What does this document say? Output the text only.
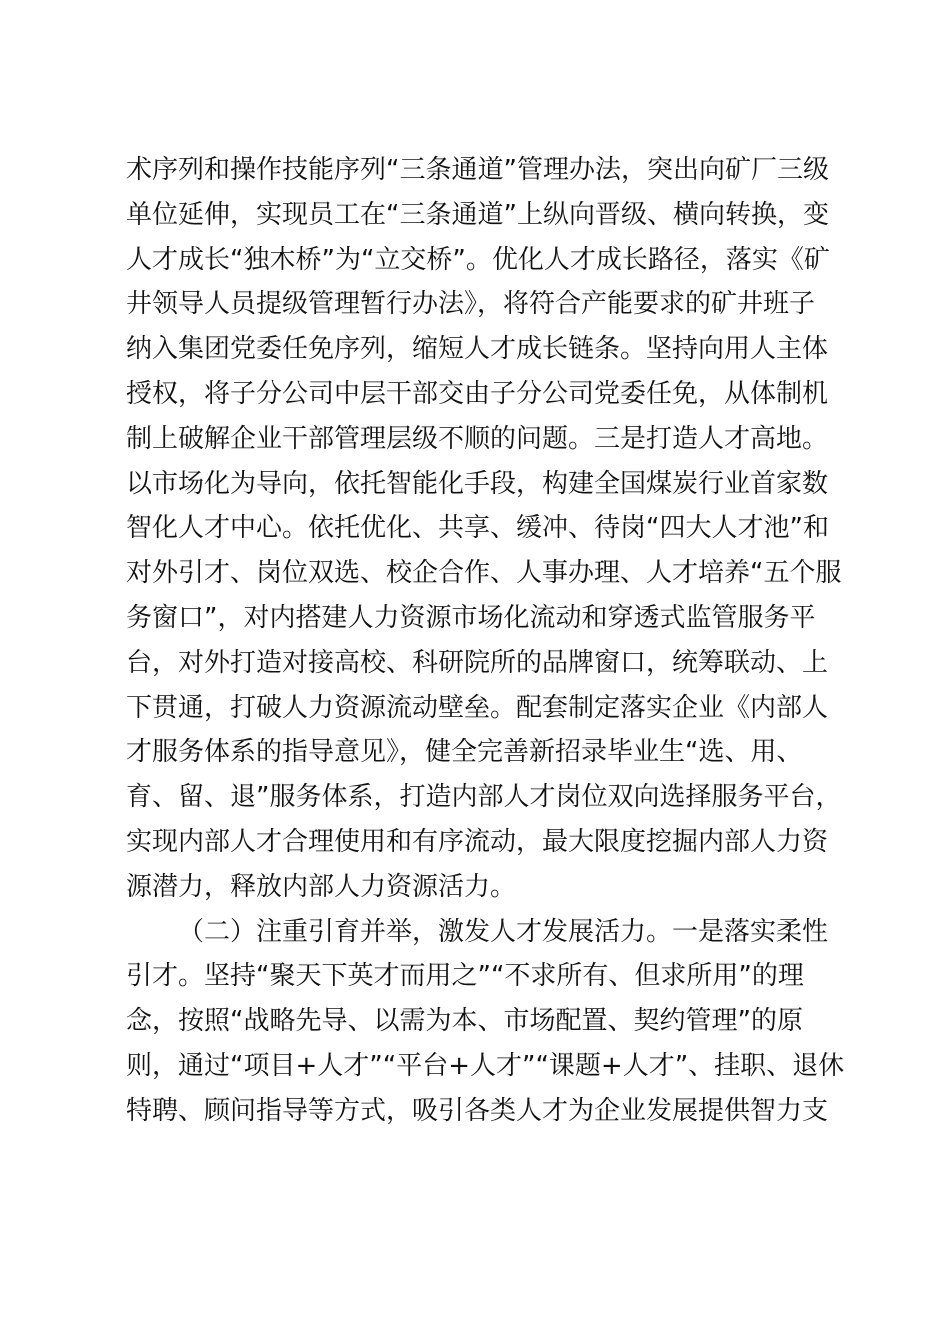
术序列和操作技能序列“三条通道”管理办法，突出向矿厂三级
单位延伸，实现员工在“三条通道”上纵向晋级、横向转换，变
人才成长“独木桥”为“立交桥”。优化人才成长路径，落实《矿
井领导人员提级管理暂行办法》，将符合产能要求的矿井班子
纳入集团党委任免序列，缩短人才成长链条。坚持向用人主体
授权，将子分公司中层干部交由子分公司党委任免，从体制机
制上破解企业干部管理层级不顺的问题。三是打造人才高地。
以市场化为导向，依托智能化手段，构建全国煤炭行业首家数
智化人才中心。依托优化、共享、缓冲、待岗“四大人才池”和
对外引才、岗位双选、校企合作、人事办理、人才培养“五个服
务窗口”，对内搭建人力资源市场化流动和穿透式监管服务平
台，对外打造对接高校、科研院所的品牌窗口，统筹联动、上
下贯通，打破人力资源流动壁垒。配套制定落实企业《内部人
才服务体系的指导意见》，健全完善新招录毕业生“选、用、
育、留、退”服务体系，打造内部人才岗位双向选择服务平台，
实现内部人才合理使用和有序流动，最大限度挖掘内部人力资
源潜力，释放内部人力资源活力。
（二）注重引育并举，激发人才发展活力。一是落实柔性
引才。坚持“聚天下英才而用之”“不求所有、但求所用”的理
念，按照“战略先导、以需为本、市场配置、契约管理”的原
则，通过“项目+人才”“平台+人才”“课题+人才”、挂职、退休
特聘、顾问指导等方式，吸引各类人才为企业发展提供智力支
